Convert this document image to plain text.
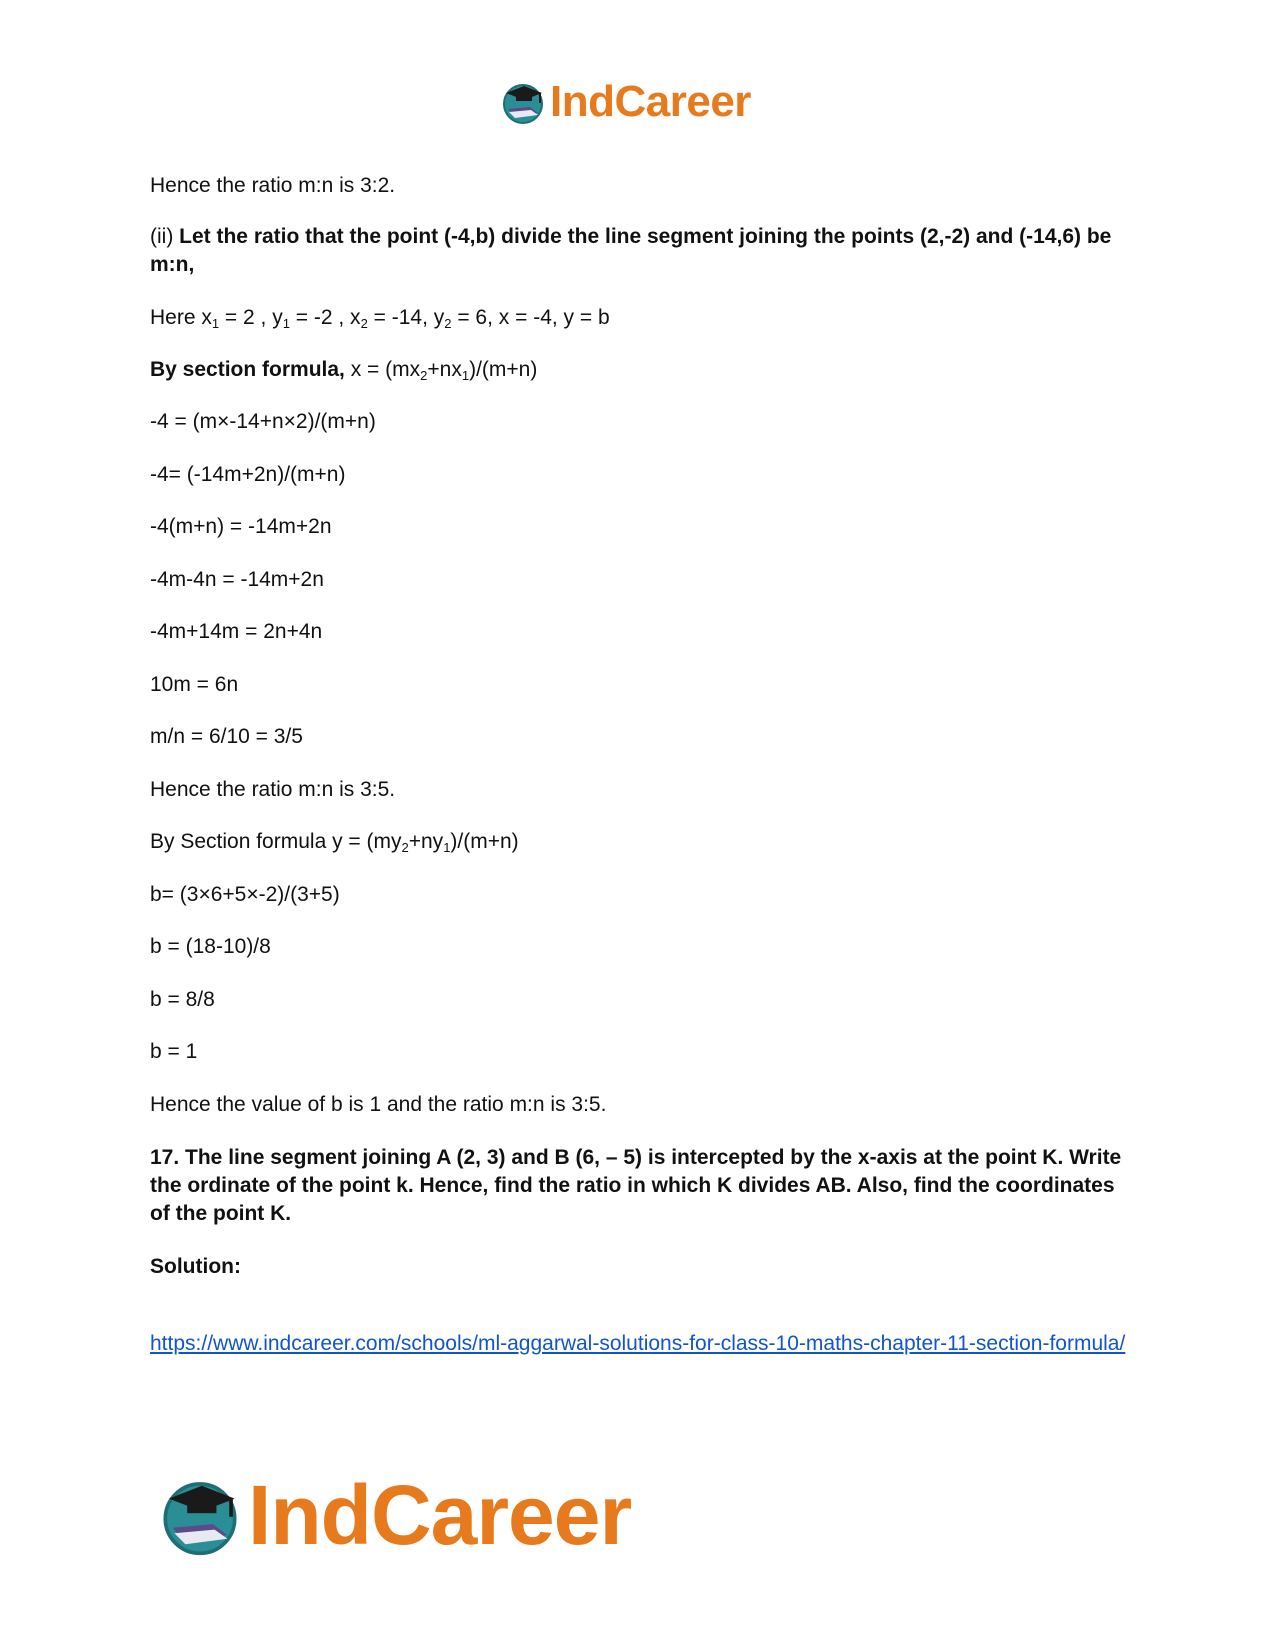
IndCareer
Hence the ratio m:n is 3:2.
(ii) Let the ratio that the point (-4,b) divide the line segment joining the points (2,-2) and (-14,6) be m:n,
Here $x_1 = 2$ , $y_1 = -2$ , $x_2 = -14$, $y_2 = 6$, x = -4, y = b
By section formula, $x = (mx_2+nx_1)/(m+n)$
-4 = (m×-14+n×2)/(m+n)
-4= (-14m+2n)/(m+n)
-4(m+n) = -14m+2n
-4m-4n = -14m+2n
-4m+14m = 2n+4n
10m = 6n
m/n = 6/10 = 3/5
Hence the ratio m:n is 3:5.
By Section formula $y = (my_2+ny_1)/(m+n)$
b= (3×6+5×-2)/(3+5)
b = (18-10)/8
b = 8/8
b = 1
Hence the value of b is 1 and the ratio m:n is 3:5.
17. The line segment joining A (2, 3) and B (6, – 5) is intercepted by the x-axis at the point K. Write the ordinate of the point k. Hence, find the ratio in which K divides AB. Also, find the coordinates of the point K.
Solution:
https://www.indcareer.com/schools/ml-aggarwal-solutions-for-class-10-maths-chapter-11-section-formula/
IndCareer
